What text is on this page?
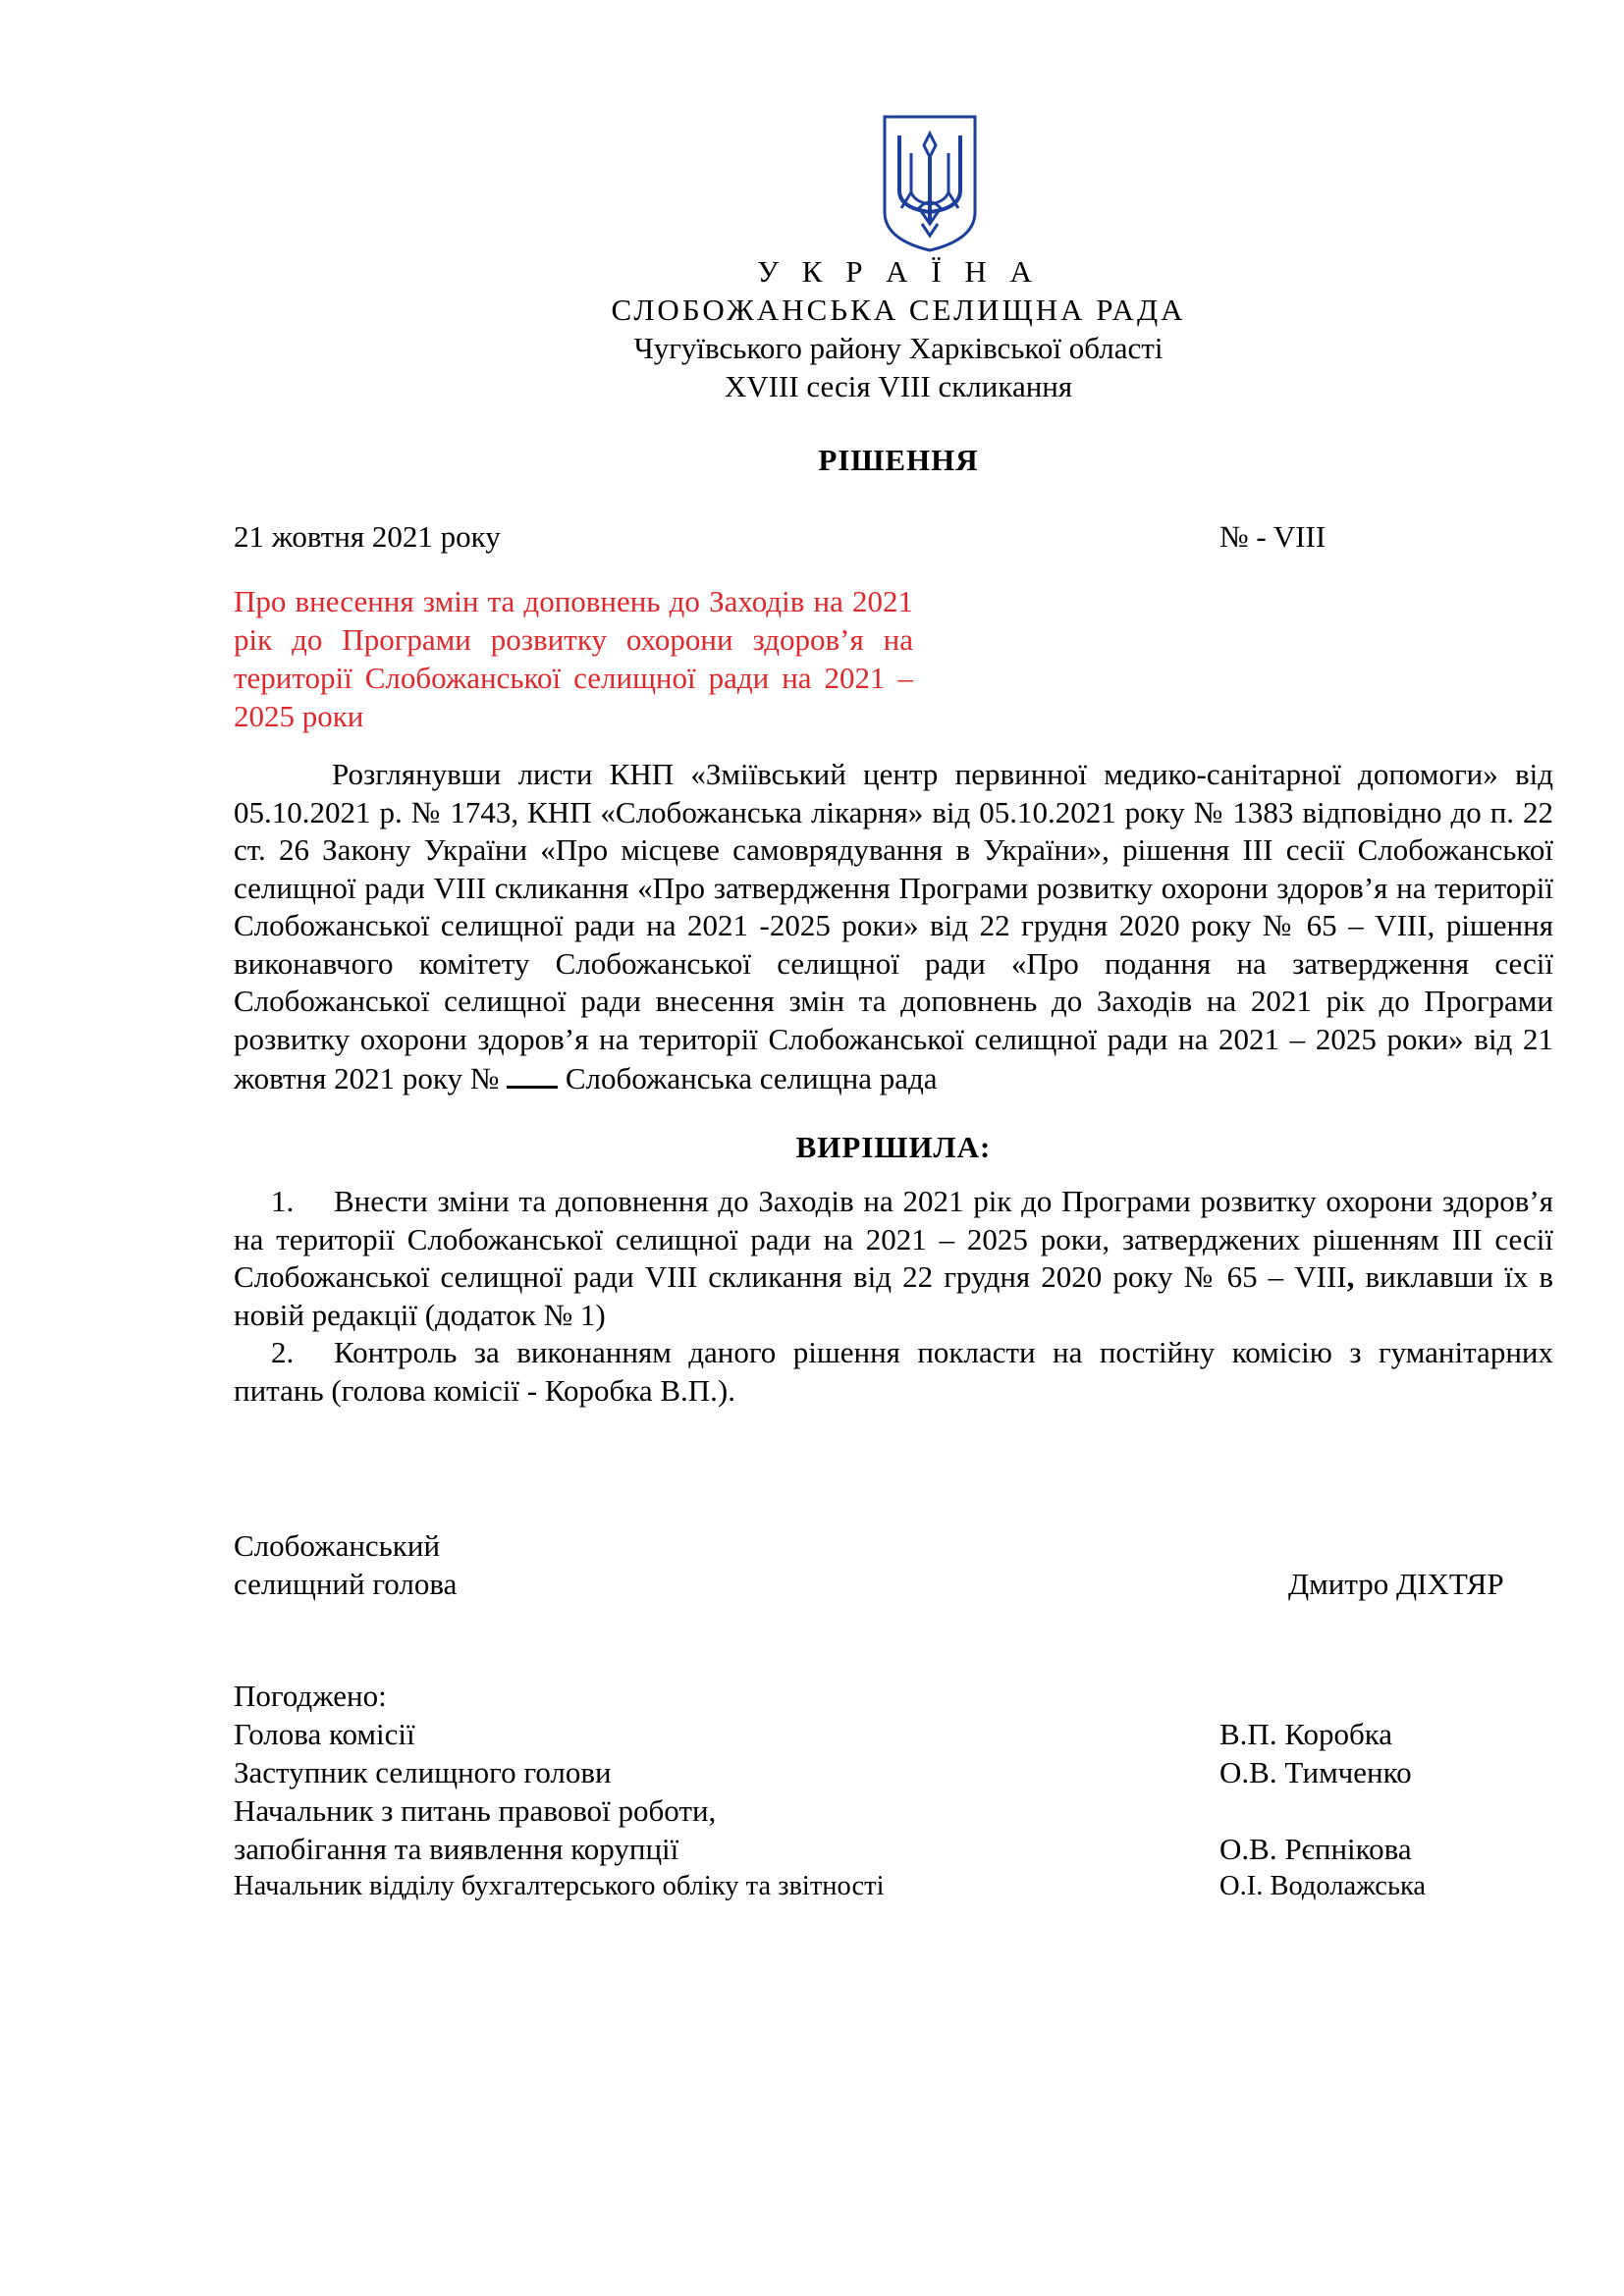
У К Р А Ї Н А
СЛОБОЖАНСЬКА СЕЛИЩНА РАДА
Чугуївського району Харківської області
XVIII сесія VIII скликання
РІШЕННЯ
21 жовтня 2021 року	№ - VIII
Про внесення змін та доповнень до Заходів на 2021 рік до Програми розвитку охорони здоров’я на території Слобожанської селищної ради на 2021 – 2025 роки
Розглянувши листи КНП «Зміївський центр первинної медико-санітарної допомоги» від 05.10.2021 р. № 1743, КНП «Слобожанська лікарня» від 05.10.2021 року № 1383 відповідно до п. 22 ст. 26 Закону України «Про місцеве самоврядування в України», рішення ІІІ сесії Слобожанської селищної ради VІІІ скликання «Про затвердження Програми розвитку охорони здоров’я на території Слобожанської селищної ради на 2021 -2025 роки» від 22 грудня 2020 року № 65 – VIII, рішення виконавчого комітету Слобожанської селищної ради «Про подання на затвердження сесії Слобожанської селищної ради внесення змін та доповнень до Заходів на 2021 рік до Програми розвитку охорони здоров’я на території Слобожанської селищної ради на 2021 – 2025 роки» від 21 жовтня 2021 року №  Слобожанська селищна рада
ВИРІШИЛА:
1. Внести зміни та доповнення до Заходів на 2021 рік до Програми розвитку охорони здоров’я на території Слобожанської селищної ради на 2021 – 2025 роки, затверджених рішенням ІІІ сесії Слобожанської селищної ради VІІІ скликання від 22 грудня 2020 року № 65 – VIII, виклавши їх в новій редакції (додаток № 1)
2. Контроль за виконанням даного рішення покласти на постійну комісію з гуманітарних питань (голова комісії - Коробка В.П.).
Слобожанський
селищний голова	Дмитро ДІХТЯР
Погоджено:
Голова комісії	В.П. Коробка
Заступник селищного голови	О.В. Тимченко
Начальник з питань правової роботи,
запобігання та виявлення корупції	О.В. Рєпнікова
Начальник відділу бухгалтерського обліку та звітності	О.І. Водолажська
